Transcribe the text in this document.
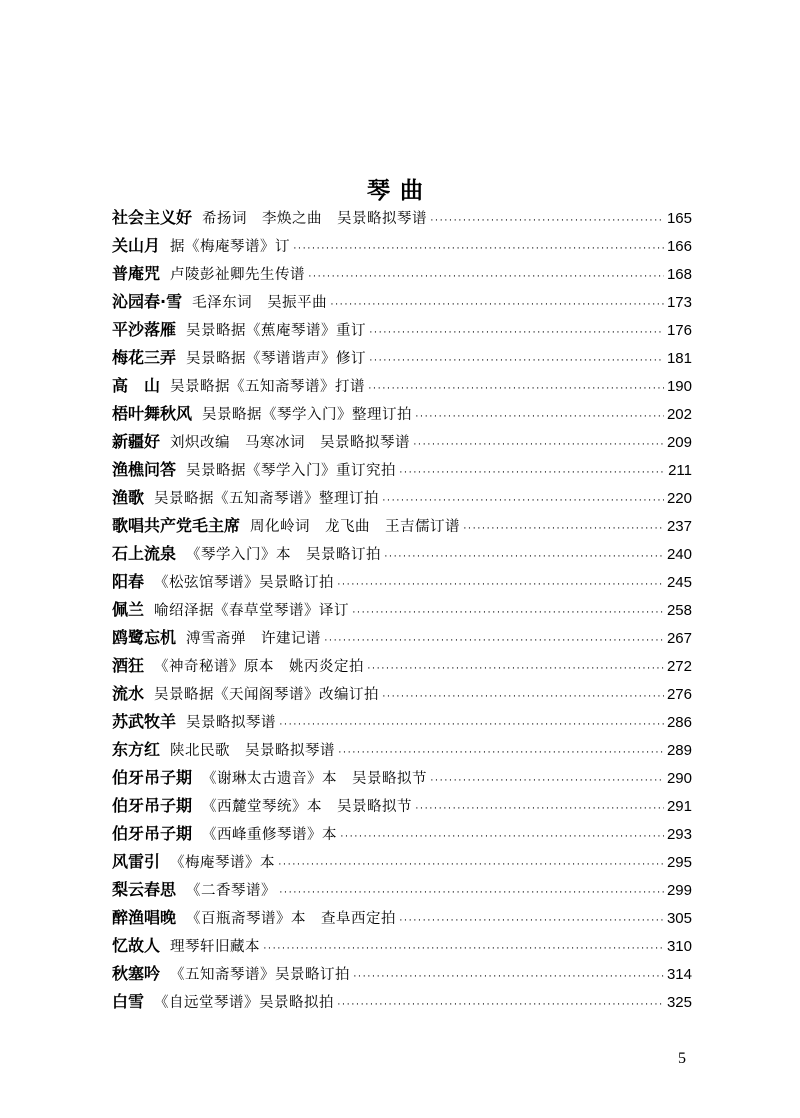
琴曲
社会主义好 希扬词　李焕之曲　吴景略拟琴谱 ·····	165
关山月 据《梅庵琴谱》订 ·····	166
普庵咒 卢陵彭祉卿先生传谱 ·····	168
沁园春·雪 毛泽东词　吴振平曲 ·····	173
平沙落雁 吴景略据《蕉庵琴谱》重订 ·····	176
梅花三弄 吴景略据《琴谱谐声》修订 ·····	181
高　山 吴景略据《五知斋琴谱》打谱 ·····	190
梧叶舞秋风 吴景略据《琴学入门》整理订拍 ·····	202
新疆好 刘炽改编　马寒冰词　吴景略拟琴谱 ·····	209
渔樵问答 吴景略据《琴学入门》重订究拍 ·····	211
渔歌 吴景略据《五知斋琴谱》整理订拍 ·····	220
歌唱共产党毛主席 周化岭词　龙飞曲　王吉儒订谱 ·····	237
石上流泉 《琴学入门》本　吴景略订拍 ·····	240
阳春 《松弦馆琴谱》吴景略订拍 ·····	245
佩兰 喻绍泽据《春草堂琴谱》译订 ·····	258
鸥鹭忘机 溥雪斋弹　许建记谱 ·····	267
酒狂 《神奇秘谱》原本　姚丙炎定拍 ·····	272
流水 吴景略据《天闻阁琴谱》改编订拍 ·····	276
苏武牧羊 吴景略拟琴谱 ·····	286
东方红 陕北民歌　吴景略拟琴谱 ·····	289
伯牙吊子期 《谢琳太古遗音》本　吴景略拟节 ·····	290
伯牙吊子期 《西麓堂琴统》本　吴景略拟节 ·····	291
伯牙吊子期 《西峰重修琴谱》本 ·····	293
风雷引 《梅庵琴谱》本 ·····	295
梨云春思 《二香琴谱》 ·····	299
醉渔唱晚 《百瓶斋琴谱》本　查阜西定拍 ·····	305
忆故人 理琴轩旧藏本 ·····	310
秋塞吟 《五知斋琴谱》吴景略订拍 ·····	314
白雪 《自远堂琴谱》吴景略拟拍 ·····	325

5
